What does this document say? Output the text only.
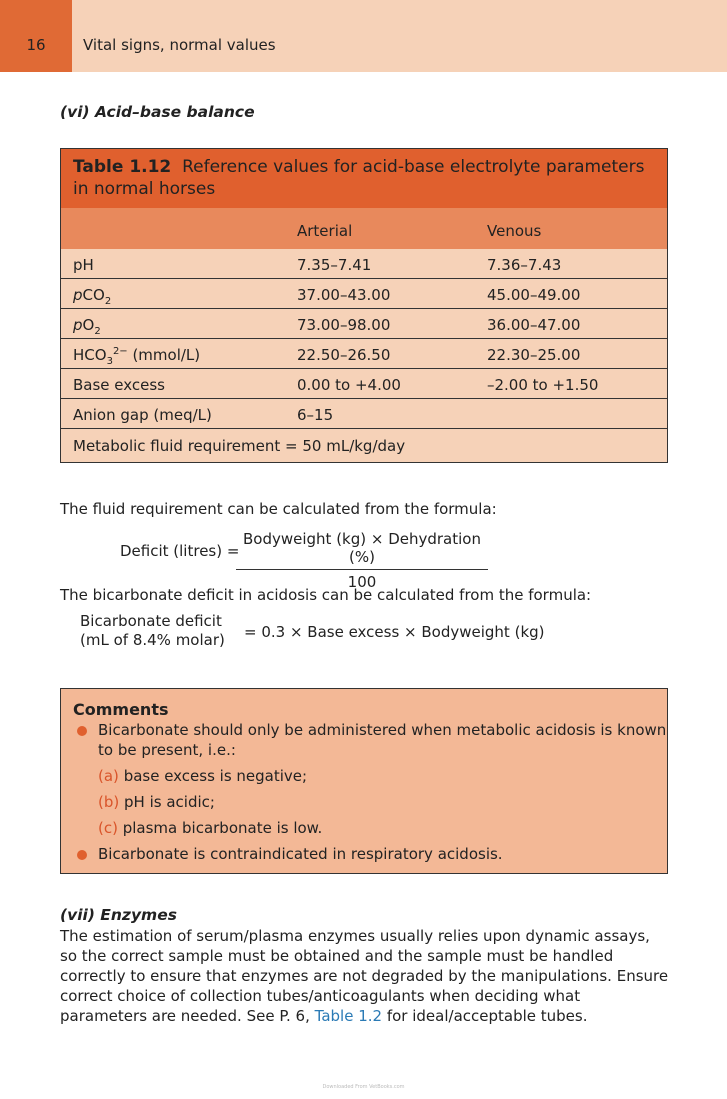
16	Vital signs, normal values
(vi) Acid–base balance
Table 1.12 Reference values for acid-base electrolyte parameters in normal horses
Arterial	Venous
pH	7.35–7.41	7.36–7.43
pCO$_2$	37.00–43.00	45.00–49.00
$pO_2$	73.00–98.00	36.00–47.00
$HCO_3^{2-}$ (mmol/L)	22.50–26.50	22.30–25.00
Base excess	0.00 to +4.00	–2.00 to +1.50
Anion gap (meq/L)	6–15
Metabolic fluid requirement = 50 mL/kg/day
The fluid requirement can be calculated from the formula:
Deficit (litres) =
Bodyweight (kg) × Dehydration (%)
100
The bicarbonate deficit in acidosis can be calculated from the formula:
Bicarbonate deficit
(mL of 8.4% molar) = 0.3 × Base excess × Bodyweight (kg)
Comments
Bicarbonate should only be administered when metabolic acidosis is known
to be present, i.e.:
(a) base excess is negative;
(b) pH is acidic;
(c) plasma bicarbonate is low.
Bicarbonate is contraindicated in respiratory acidosis.
(vii) Enzymes
The estimation of serum/plasma enzymes usually relies upon dynamic assays, so the correct sample must be obtained and the sample must be handled correctly to ensure that enzymes are not degraded by the manipulations. Ensure correct choice of collection tubes/anticoagulants when deciding what parameters are needed. See P. 6, Table 1.2 for ideal/acceptable tubes.
Downloaded From VetBooks.com
